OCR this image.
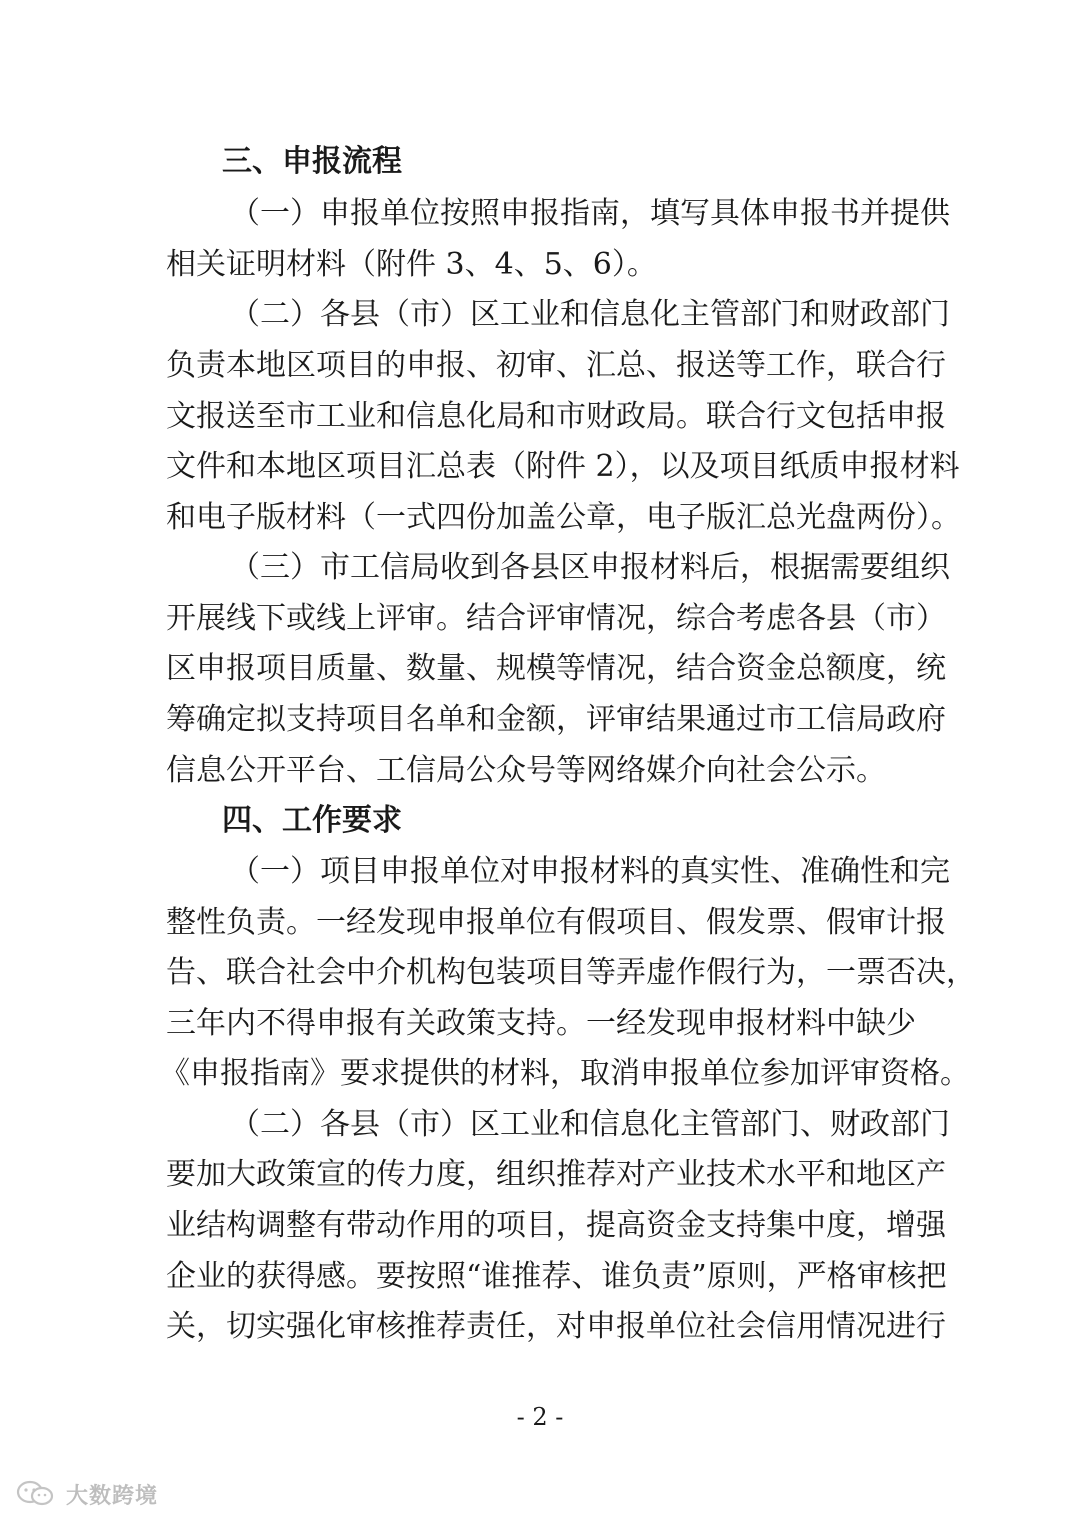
三、申报流程
（一）申报单位按照申报指南，填写具体申报书并提供
相关证明材料（附件 3、4、5、6）。
（二）各县（市）区工业和信息化主管部门和财政部门
负责本地区项目的申报、初审、汇总、报送等工作，联合行
文报送至市工业和信息化局和市财政局。联合行文包括申报
文件和本地区项目汇总表（附件 2），以及项目纸质申报材料
和电子版材料（一式四份加盖公章，电子版汇总光盘两份）。
（三）市工信局收到各县区申报材料后，根据需要组织
开展线下或线上评审。结合评审情况，综合考虑各县（市）
区申报项目质量、数量、规模等情况，结合资金总额度，统
筹确定拟支持项目名单和金额，评审结果通过市工信局政府
信息公开平台、工信局公众号等网络媒介向社会公示。
四、工作要求
（一）项目申报单位对申报材料的真实性、准确性和完
整性负责。一经发现申报单位有假项目、假发票、假审计报
告、联合社会中介机构包装项目等弄虚作假行为，一票否决，
三年内不得申报有关政策支持。一经发现申报材料中缺少
《申报指南》要求提供的材料，取消申报单位参加评审资格。
（二）各县（市）区工业和信息化主管部门、财政部门
要加大政策宣的传力度，组织推荐对产业技术水平和地区产
业结构调整有带动作用的项目，提高资金支持集中度，增强
企业的获得感。要按照“谁推荐、谁负责”原则，严格审核把
关，切实强化审核推荐责任，对申报单位社会信用情况进行
- 2 -
大数跨境
